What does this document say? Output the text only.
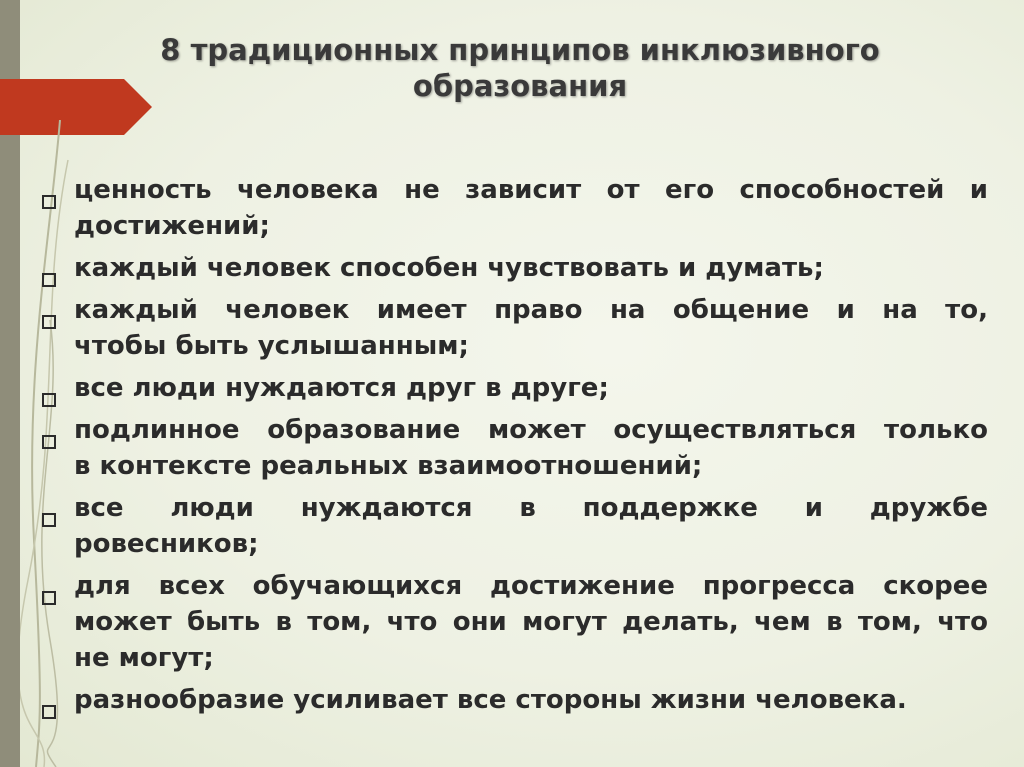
8 традиционных принципов инклюзивного
образования
ценность человека не зависит от его способностей и
достижений;
каждый человек способен чувствовать и думать;
каждый человек имеет право на общение и на то,
чтобы быть услышанным;
все люди нуждаются друг в друге;
подлинное образование может осуществляться только
в контексте реальных взаимоотношений;
все люди нуждаются в поддержке и дружбе
ровесников;
для всех обучающихся достижение прогресса скорее
может быть в том, что они могут делать, чем в том, что
не могут;
разнообразие усиливает все стороны жизни человека.
